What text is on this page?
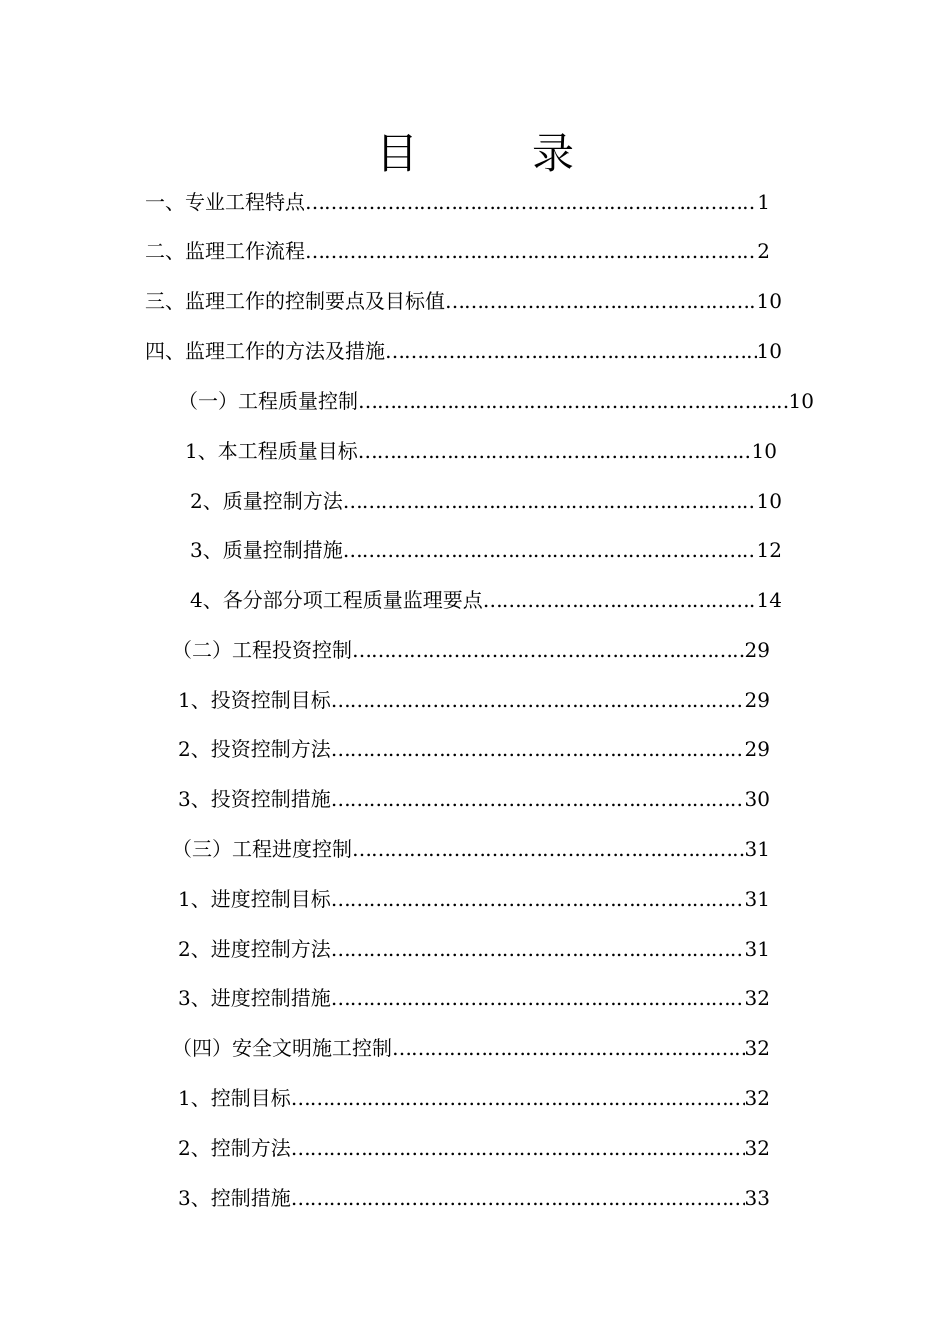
目　录
一、 专业工程特点 …………………………………………………………………………………………………………………………………	1
二、 监理工作流程 …………………………………………………………………………………………………………………………………	2
三、 监理工作的控制要点及目标值 …………………………………………………………………………………………………………………………………	10
四、 监理工作的方法及措施 …………………………………………………………………………………………………………………………………	10
（一） 工程质量控制 …………………………………………………………………………………………………………………………………	10
1、 本工程质量目标 …………………………………………………………………………………………………………………………………	10
2、 质量控制方法 …………………………………………………………………………………………………………………………………	10
3、 质量控制措施 …………………………………………………………………………………………………………………………………	12
4、 各分部分项工程质量监理要点 …………………………………………………………………………………………………………………………………	14
（二） 工程投资控制 …………………………………………………………………………………………………………………………………	29
1、 投资控制目标 …………………………………………………………………………………………………………………………………	29
2、 投资控制方法 …………………………………………………………………………………………………………………………………	29
3、 投资控制措施 …………………………………………………………………………………………………………………………………	30
（三） 工程进度控制 …………………………………………………………………………………………………………………………………	31
1、 进度控制目标 …………………………………………………………………………………………………………………………………	31
2、 进度控制方法 …………………………………………………………………………………………………………………………………	31
3、 进度控制措施 …………………………………………………………………………………………………………………………………	32
（四） 安全文明施工控制 …………………………………………………………………………………………………………………………………	32
1、 控制目标 …………………………………………………………………………………………………………………………………	32
2、 控制方法 …………………………………………………………………………………………………………………………………	32
3、 控制措施 …………………………………………………………………………………………………………………………………	33
